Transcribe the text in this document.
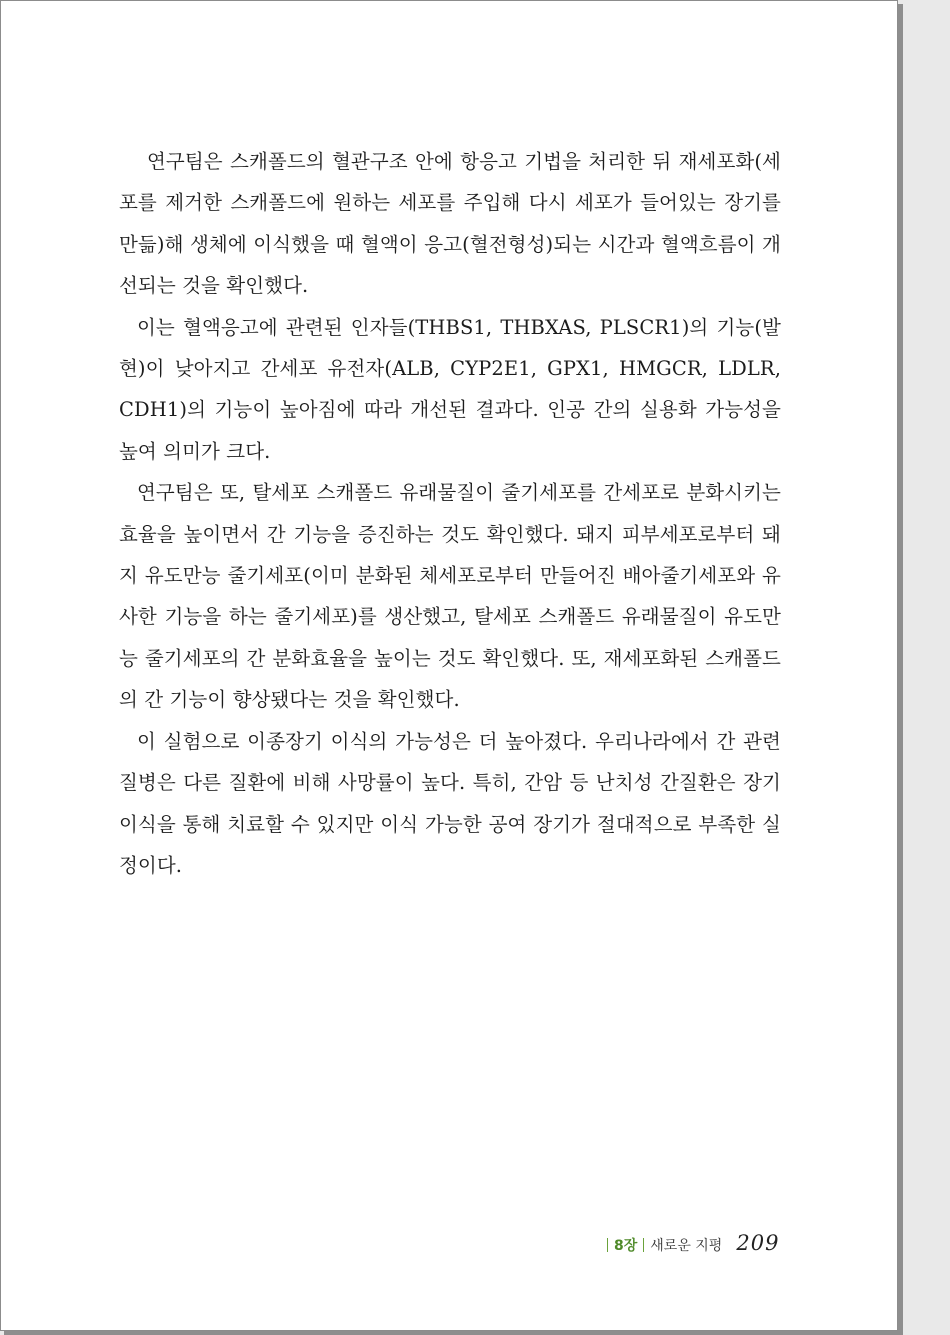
연구팀은 스캐폴드의 혈관구조 안에 항응고 기법을 처리한 뒤 재세포화(세포를 제거한 스캐폴드에 원하는 세포를 주입해 다시 세포가 들어있는 장기를 만듦)해 생체에 이식했을 때 혈액이 응고(혈전형성)되는 시간과 혈액흐름이 개선되는 것을 확인했다.

이는 혈액응고에 관련된 인자들(THBS1, THBXAS, PLSCR1)의 기능(발현)이 낮아지고 간세포 유전자(ALB, CYP2E1, GPX1, HMGCR, LDLR, CDH1)의 기능이 높아짐에 따라 개선된 결과다. 인공 간의 실용화 가능성을 높여 의미가 크다.

연구팀은 또, 탈세포 스캐폴드 유래물질이 줄기세포를 간세포로 분화시키는 효율을 높이면서 간 기능을 증진하는 것도 확인했다. 돼지 피부세포로부터 돼지 유도만능 줄기세포(이미 분화된 체세포로부터 만들어진 배아줄기세포와 유사한 기능을 하는 줄기세포)를 생산했고, 탈세포 스캐폴드 유래물질이 유도만능 줄기세포의 간 분화효율을 높이는 것도 확인했다. 또, 재세포화된 스캐폴드의 간 기능이 향상됐다는 것을 확인했다.

이 실험으로 이종장기 이식의 가능성은 더 높아졌다. 우리나라에서 간 관련 질병은 다른 질환에 비해 사망률이 높다. 특히, 간암 등 난치성 간질환은 장기 이식을 통해 치료할 수 있지만 이식 가능한 공여 장기가 절대적으로 부족한 실정이다.

8장 새로운 지평 209
